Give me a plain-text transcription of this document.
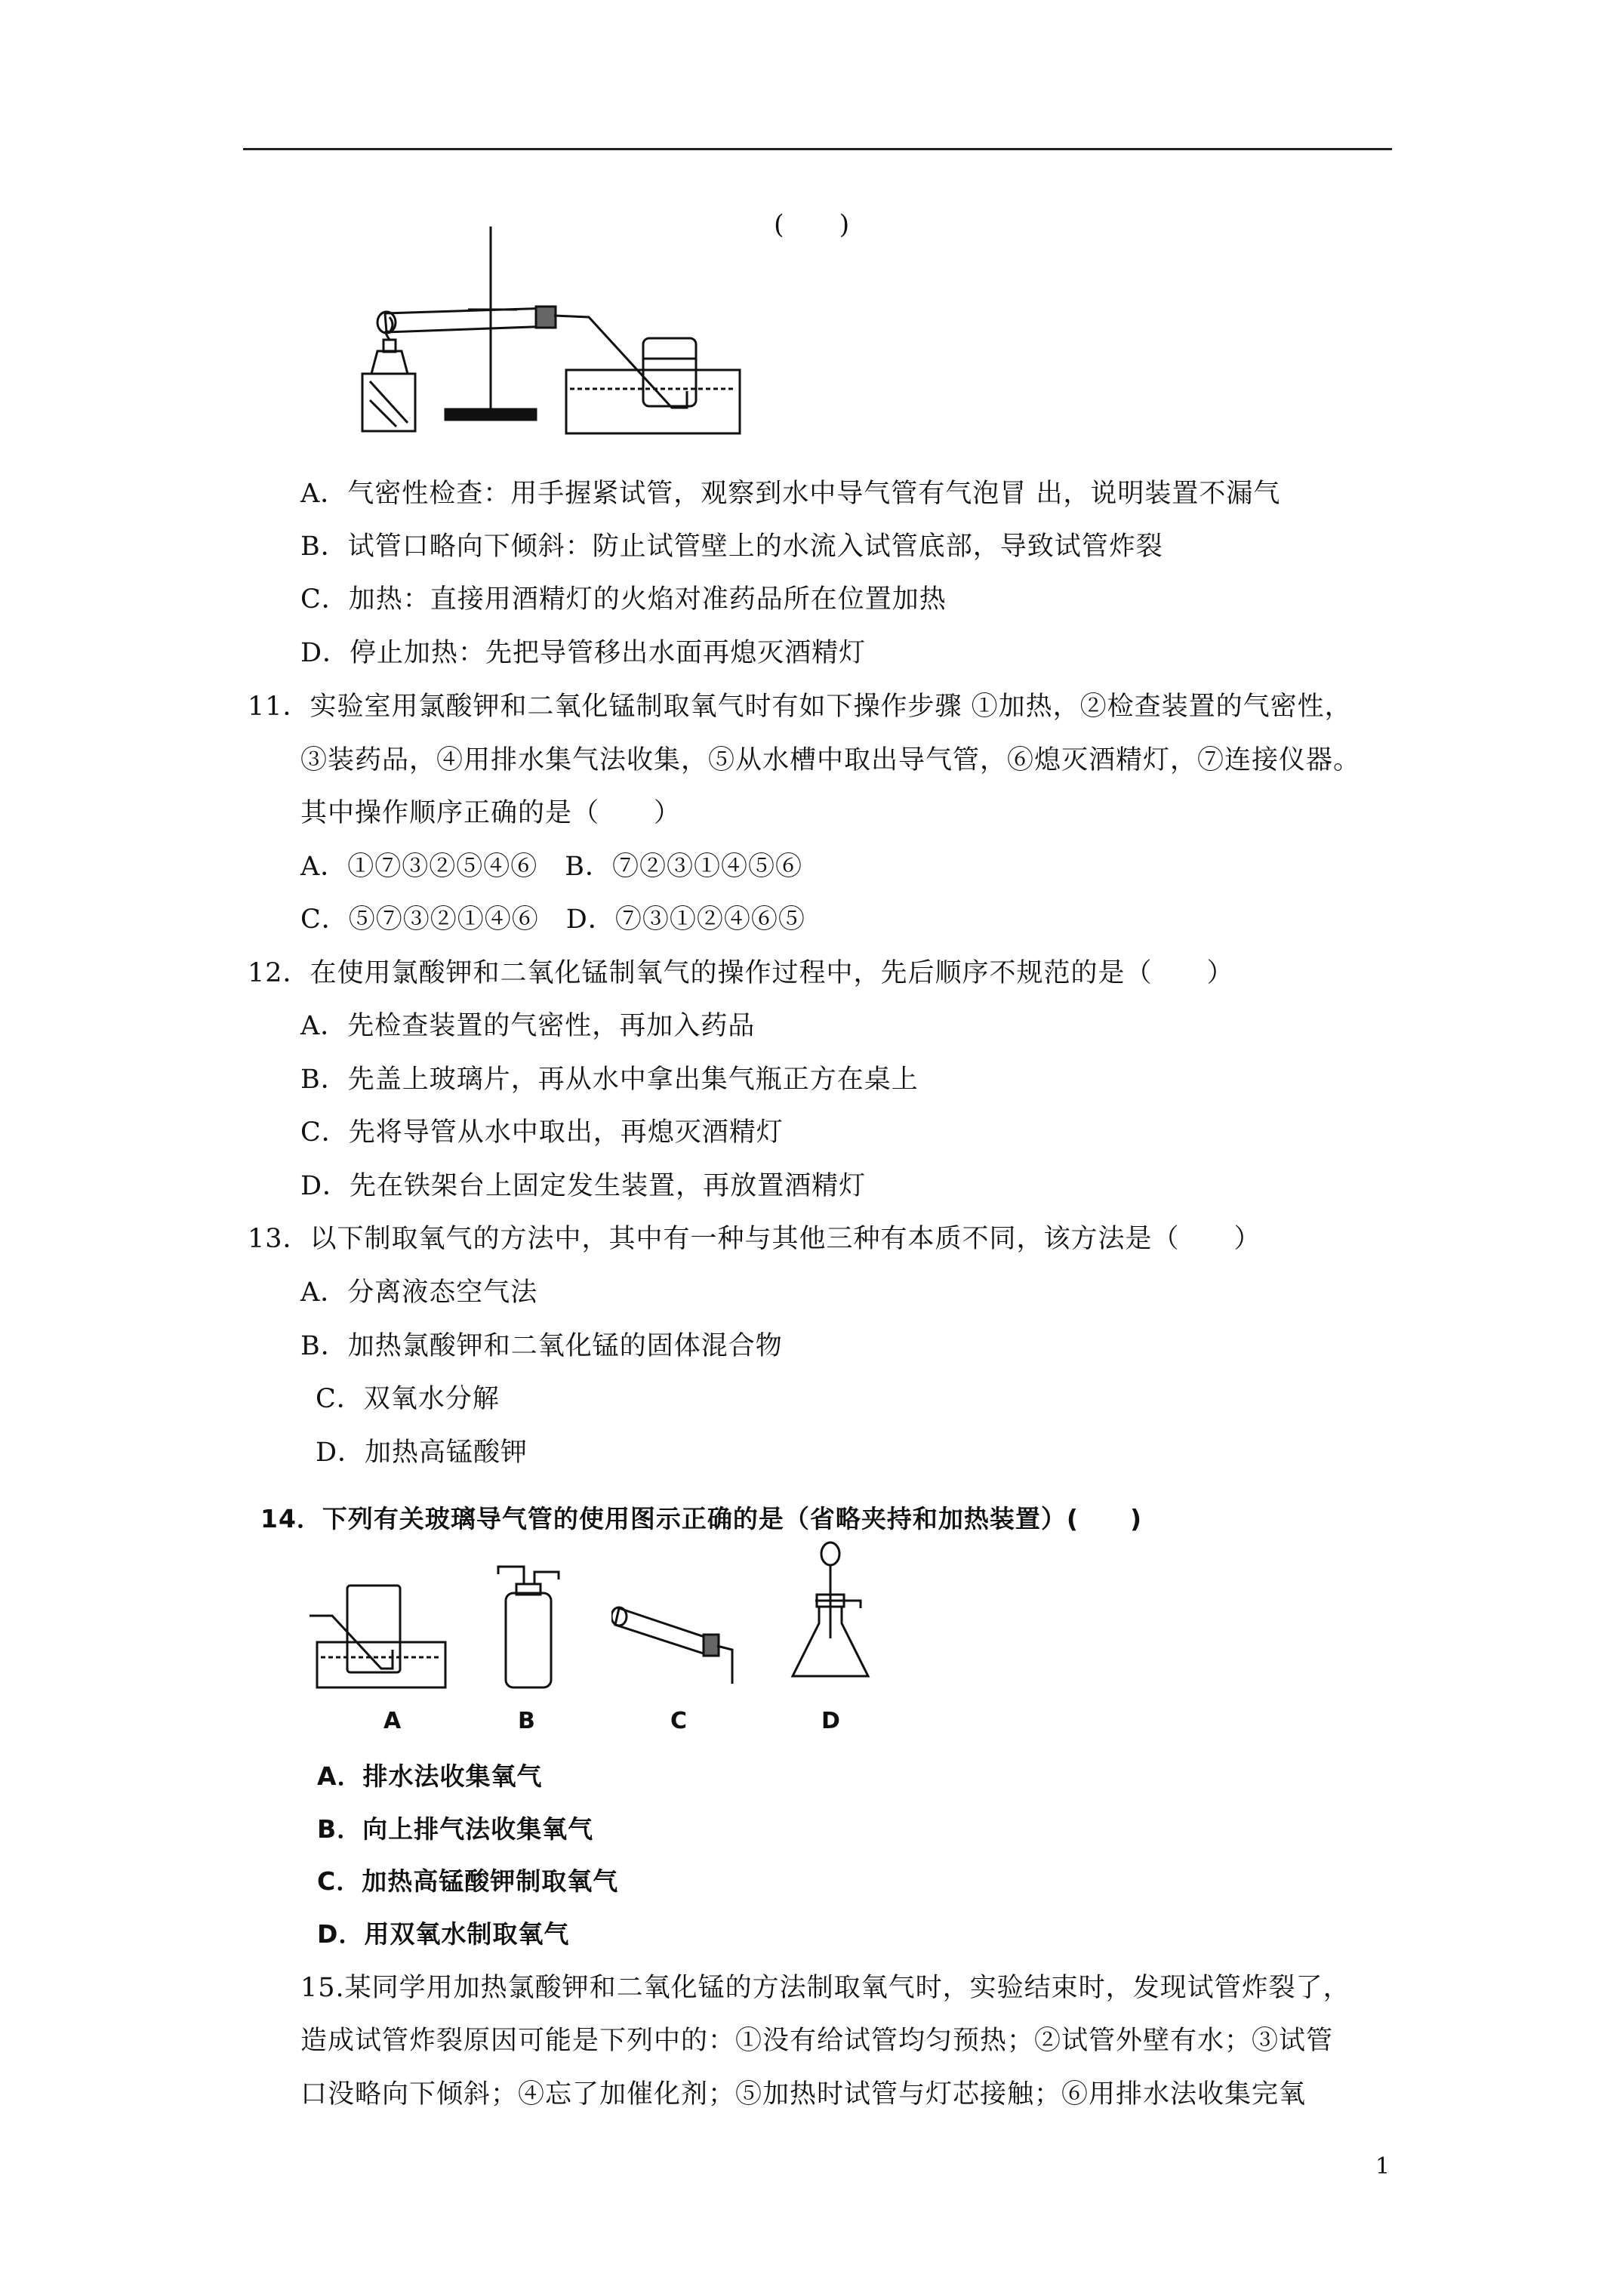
(　　)
A．气密性检查：用手握紧试管，观察到水中导气管有气泡冒 出，说明装置不漏气
B．试管口略向下倾斜：防止试管壁上的水流入试管底部，导致试管炸裂
C．加热：直接用酒精灯的火焰对准药品所在位置加热
D．停止加热：先把导管移出水面再熄灭酒精灯
11．实验室用氯酸钾和二氧化锰制取氧气时有如下操作步骤 ①加热，②检查装置的气密性，
③装药品，④用排水集气法收集，⑤从水槽中取出导气管，⑥熄灭酒精灯，⑦连接仪器。
其中操作顺序正确的是（　　）
A．①⑦③②⑤④⑥　B．⑦②③①④⑤⑥
C．⑤⑦③②①④⑥　D．⑦③①②④⑥⑤
12．在使用氯酸钾和二氧化锰制氧气的操作过程中，先后顺序不规范的是（　　）
A．先检查装置的气密性，再加入药品
B．先盖上玻璃片，再从水中拿出集气瓶正方在桌上
C．先将导管从水中取出，再熄灭酒精灯
D．先在铁架台上固定发生装置，再放置酒精灯
13．以下制取氧气的方法中，其中有一种与其他三种有本质不同，该方法是（　　）
A．分离液态空气法
B．加热氯酸钾和二氧化锰的固体混合物
C．双氧水分解
D．加热高锰酸钾
14．下列有关玻璃导气管的使用图示正确的是（省略夹持和加热装置）(　　)
A	B	C	D
A．排水法收集氧气
B．向上排气法收集氧气
C．加热高锰酸钾制取氧气
D．用双氧水制取氧气
15.某同学用加热氯酸钾和二氧化锰的方法制取氧气时，实验结束时，发现试管炸裂了，
造成试管炸裂原因可能是下列中的：①没有给试管均匀预热；②试管外壁有水；③试管
口没略向下倾斜；④忘了加催化剂；⑤加热时试管与灯芯接触；⑥用排水法收集完氧
1
